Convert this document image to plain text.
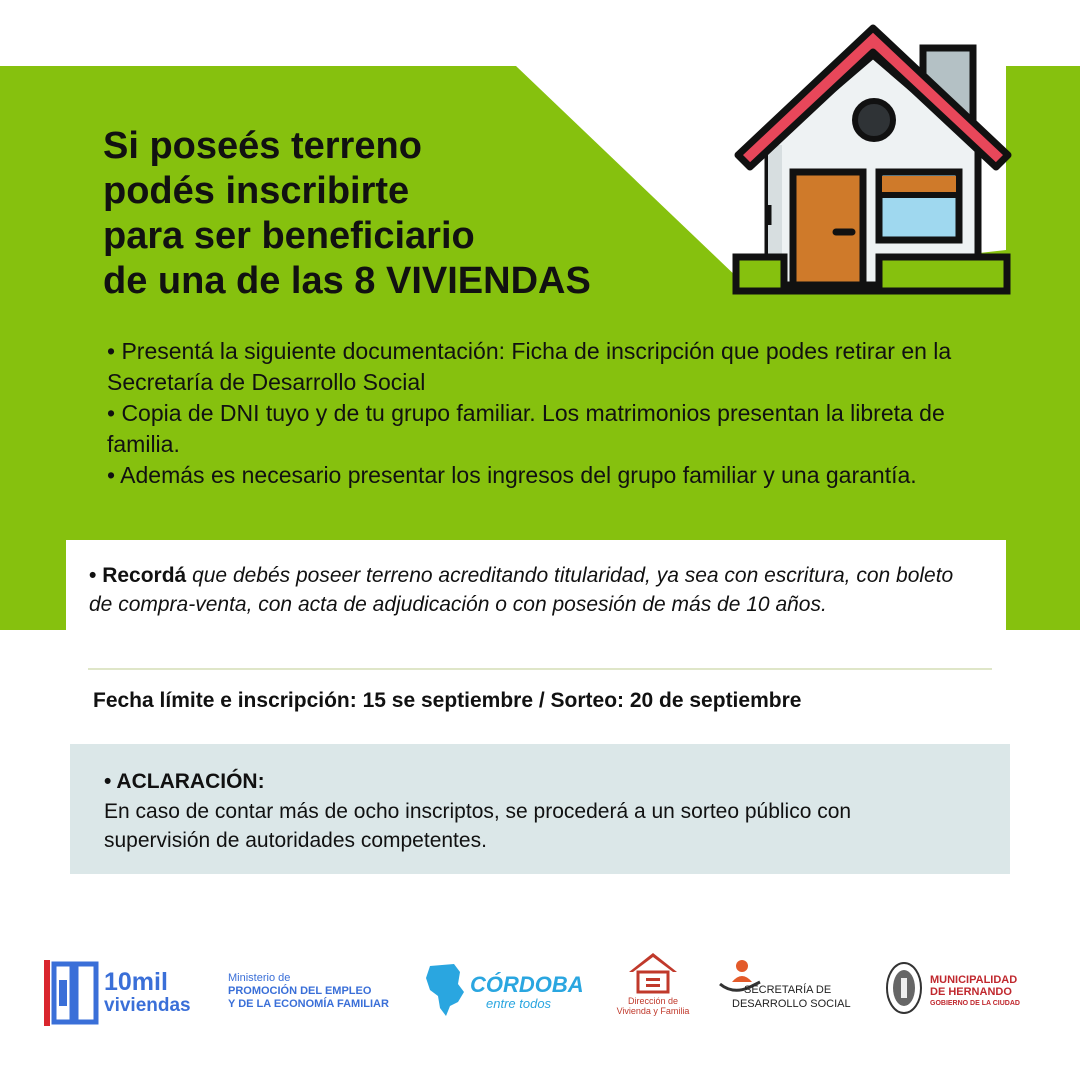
Si poseés terreno
podés inscribirte
para ser beneficiario
de una de las 8 VIVIENDAS
• Presentá la siguiente documentación: Ficha de inscripción que podes retirar en la Secretaría de Desarrollo Social
• Copia de DNI tuyo y de tu grupo familiar. Los matrimonios presentan la libreta de familia.
• Además es necesario presentar los ingresos del grupo familiar y una garantía.

• Recordá que debés poseer terreno acreditando titularidad, ya sea con escritura, con boleto de compra-venta, con acta de adjudicación o con posesión de más de 10 años.

Fecha límite e inscripción: 15 se septiembre / Sorteo: 20 de septiembre
• ACLARACIÓN:
En caso de contar más de ocho inscriptos, se procederá a un sorteo público con supervisión de autoridades competentes.
10mil
viviendas
Ministerio de
PROMOCIÓN DEL EMPLEO
Y DE LA ECONOMÍA FAMILIAR
CÓRDOBA
entre todos	Dirección de
Vivienda y Familia
SECRETARÍA DE
DESARROLLO SOCIAL
MUNICIPALIDAD
DE HERNANDO
GOBIERNO DE LA CIUDAD
